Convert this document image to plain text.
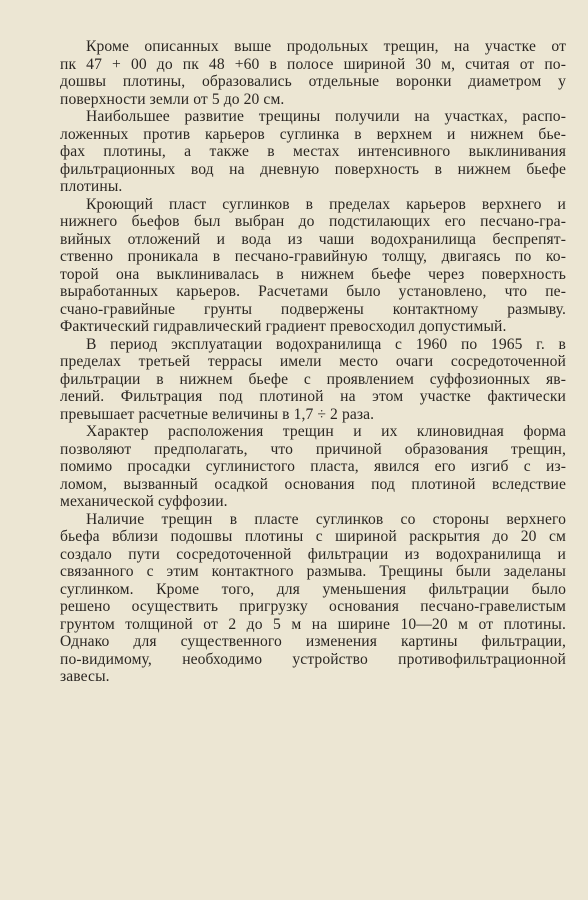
Кроме описанных выше продольных трещин, на участке от
пк 47 + 00 до пк 48 +60 в полосе шириной 30 м, считая от по-
дошвы плотины, образовались отдельные воронки диаметром у
поверхности земли от 5 до 20 см.

Наибольшее развитие трещины получили на участках, распо-
ложенных против карьеров суглинка в верхнем и нижнем бье-
фах плотины, а также в местах интенсивного выклинивания
фильтрационных вод на дневную поверхность в нижнем бьефе
плотины.

Кроющий пласт суглинков в пределах карьеров верхнего и
нижнего бьефов был выбран до подстилающих его песчано-гра-
вийных отложений и вода из чаши водохранилища беспрепят-
ственно проникала в песчано-гравийную толщу, двигаясь по ко-
торой она выклинивалась в нижнем бьефе через поверхность
выработанных карьеров. Расчетами было установлено, что пе-
счано-гравийные грунты подвержены контактному размыву.
Фактический гидравлический градиент превосходил допустимый.

В период эксплуатации водохранилища с 1960 по 1965 г. в
пределах третьей террасы имели место очаги сосредоточенной
фильтрации в нижнем бьефе с проявлением суффозионных яв-
лений. Фильтрация под плотиной на этом участке фактически
превышает расчетные величины в 1,7 ÷ 2 раза.

Характер расположения трещин и их клиновидная форма
позволяют предполагать, что причиной образования трещин,
помимо просадки суглинистого пласта, явился его изгиб с из-
ломом, вызванный осадкой основания под плотиной вследствие
механической суффозии.

Наличие трещин в пласте суглинков со стороны верхнего
бьефа вблизи подошвы плотины с шириной раскрытия до 20 см
создало пути сосредоточенной фильтрации из водохранилища и
связанного с этим контактного размыва. Трещины были заделаны
суглинком. Кроме того, для уменьшения фильтрации было
решено осуществить пригрузку основания песчано-гравелистым
грунтом толщиной от 2 до 5 м на ширине 10—20 м от плотины.
Однако для существенного изменения картины фильтрации,
по-видимому, необходимо устройство противофильтрационной
завесы.
